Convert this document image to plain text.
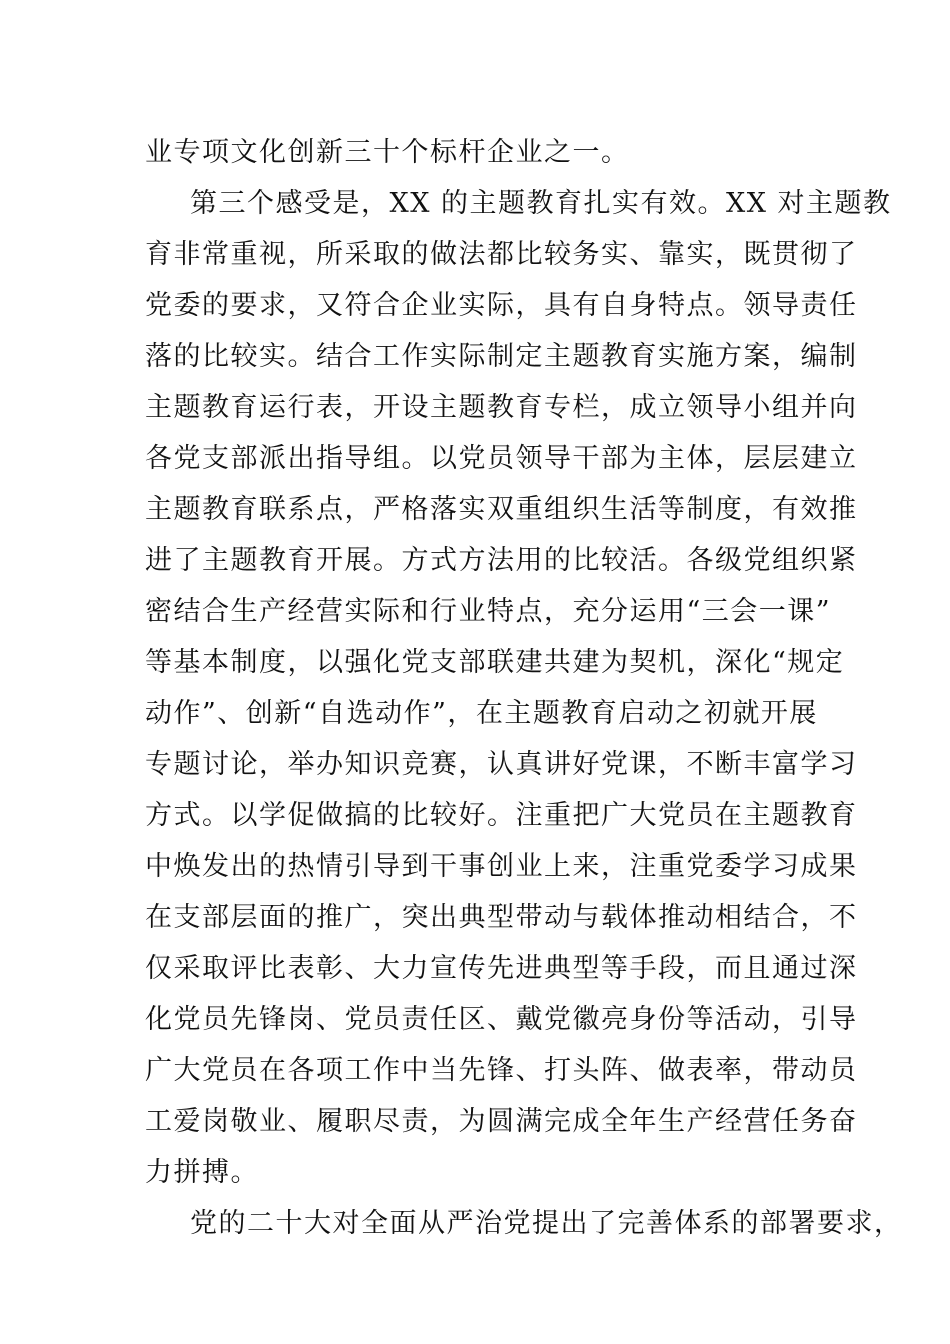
业专项文化创新三十个标杆企业之一。
第三个感受是，XX 的主题教育扎实有效。XX 对主题教
育非常重视，所采取的做法都比较务实、靠实，既贯彻了
党委的要求，又符合企业实际，具有自身特点。领导责任
落的比较实。结合工作实际制定主题教育实施方案，编制
主题教育运行表，开设主题教育专栏，成立领导小组并向
各党支部派出指导组。以党员领导干部为主体，层层建立
主题教育联系点，严格落实双重组织生活等制度，有效推
进了主题教育开展。方式方法用的比较活。各级党组织紧
密结合生产经营实际和行业特点，充分运用“三会一课”
等基本制度，以强化党支部联建共建为契机，深化“规定
动作”、创新“自选动作”，在主题教育启动之初就开展
专题讨论，举办知识竞赛，认真讲好党课，不断丰富学习
方式。以学促做搞的比较好。注重把广大党员在主题教育
中焕发出的热情引导到干事创业上来，注重党委学习成果
在支部层面的推广，突出典型带动与载体推动相结合，不
仅采取评比表彰、大力宣传先进典型等手段，而且通过深
化党员先锋岗、党员责任区、戴党徽亮身份等活动，引导
广大党员在各项工作中当先锋、打头阵、做表率，带动员
工爱岗敬业、履职尽责，为圆满完成全年生产经营任务奋
力拼搏。
党的二十大对全面从严治党提出了完善体系的部署要求，
